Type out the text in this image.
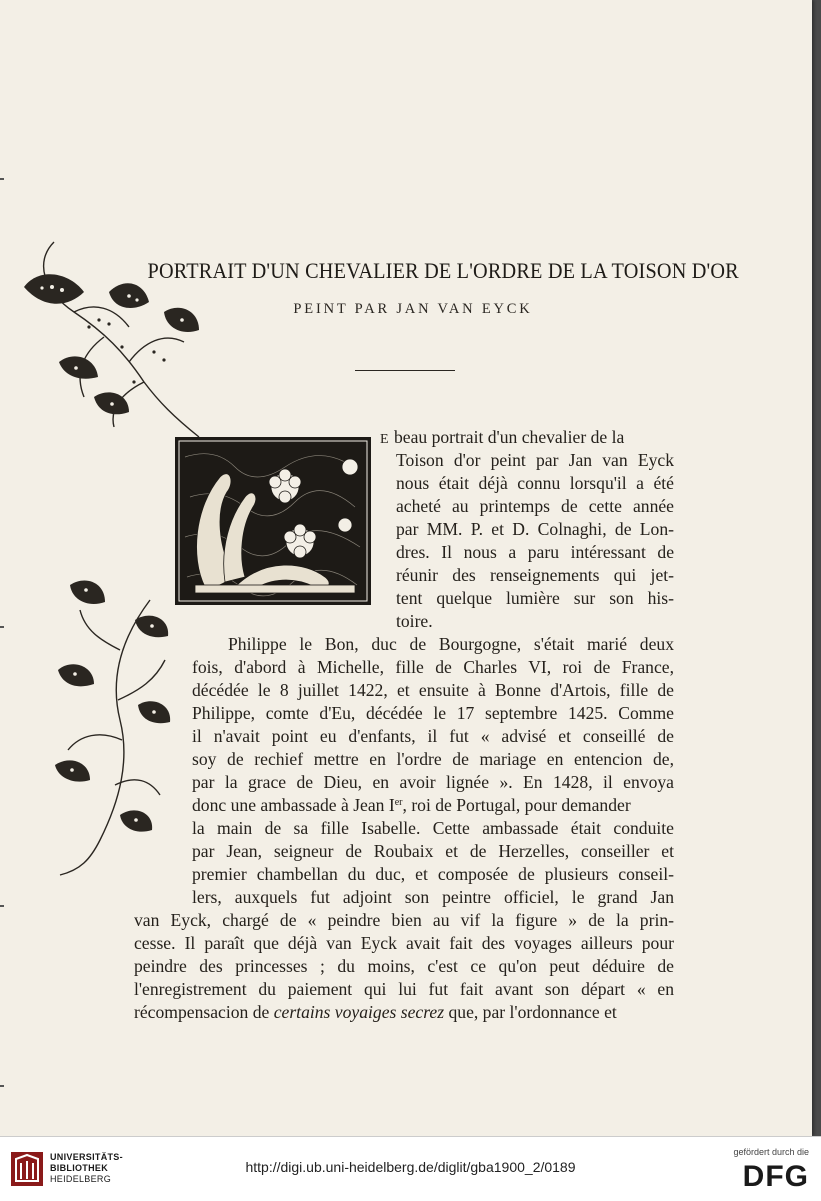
PORTRAIT D'UN CHEVALIER DE L'ORDRE DE LA TOISON D'OR
PEINT PAR JAN VAN EYCK
E beau portrait d'un chevalier de la
Toison d'or peint par Jan van Eyck
nous était déjà connu lorsqu'il a été
acheté au printemps de cette année
par MM. P. et D. Colnaghi, de Lon-
dres. Il nous a paru intéressant de
réunir des renseignements qui jet-
tent quelque lumière sur son his-
toire.
Philippe le Bon, duc de Bourgogne, s'était marié deux
fois, d'abord à Michelle, fille de Charles VI, roi de France,
décédée le 8 juillet 1422, et ensuite à Bonne d'Artois, fille de
Philippe, comte d'Eu, décédée le 17 septembre 1425. Comme
il n'avait point eu d'enfants, il fut « advisé et conseillé de
soy de rechief mettre en l'ordre de mariage en entencion de,
par la grace de Dieu, en avoir lignée ». En 1428, il envoya
donc une ambassade à Jean Ier, roi de Portugal, pour demander
la main de sa fille Isabelle. Cette ambassade était conduite
par Jean, seigneur de Roubaix et de Herzelles, conseiller et
premier chambellan du duc, et composée de plusieurs conseil-
lers, auxquels fut adjoint son peintre officiel, le grand Jan
van Eyck, chargé de « peindre bien au vif la figure » de la prin-
cesse. Il paraît que déjà van Eyck avait fait des voyages ailleurs pour
peindre des princesses ; du moins, c'est ce qu'on peut déduire de
l'enregistrement du paiement qui lui fut fait avant son départ « en
récompensacion de certains voyaiges secrez que, par l'ordonnance et
UNIVERSITÄTS-
BIBLIOTHEK
HEIDELBERG
http://digi.ub.uni-heidelberg.de/diglit/gba1900_2/0189
gefördert durch die
DFG
